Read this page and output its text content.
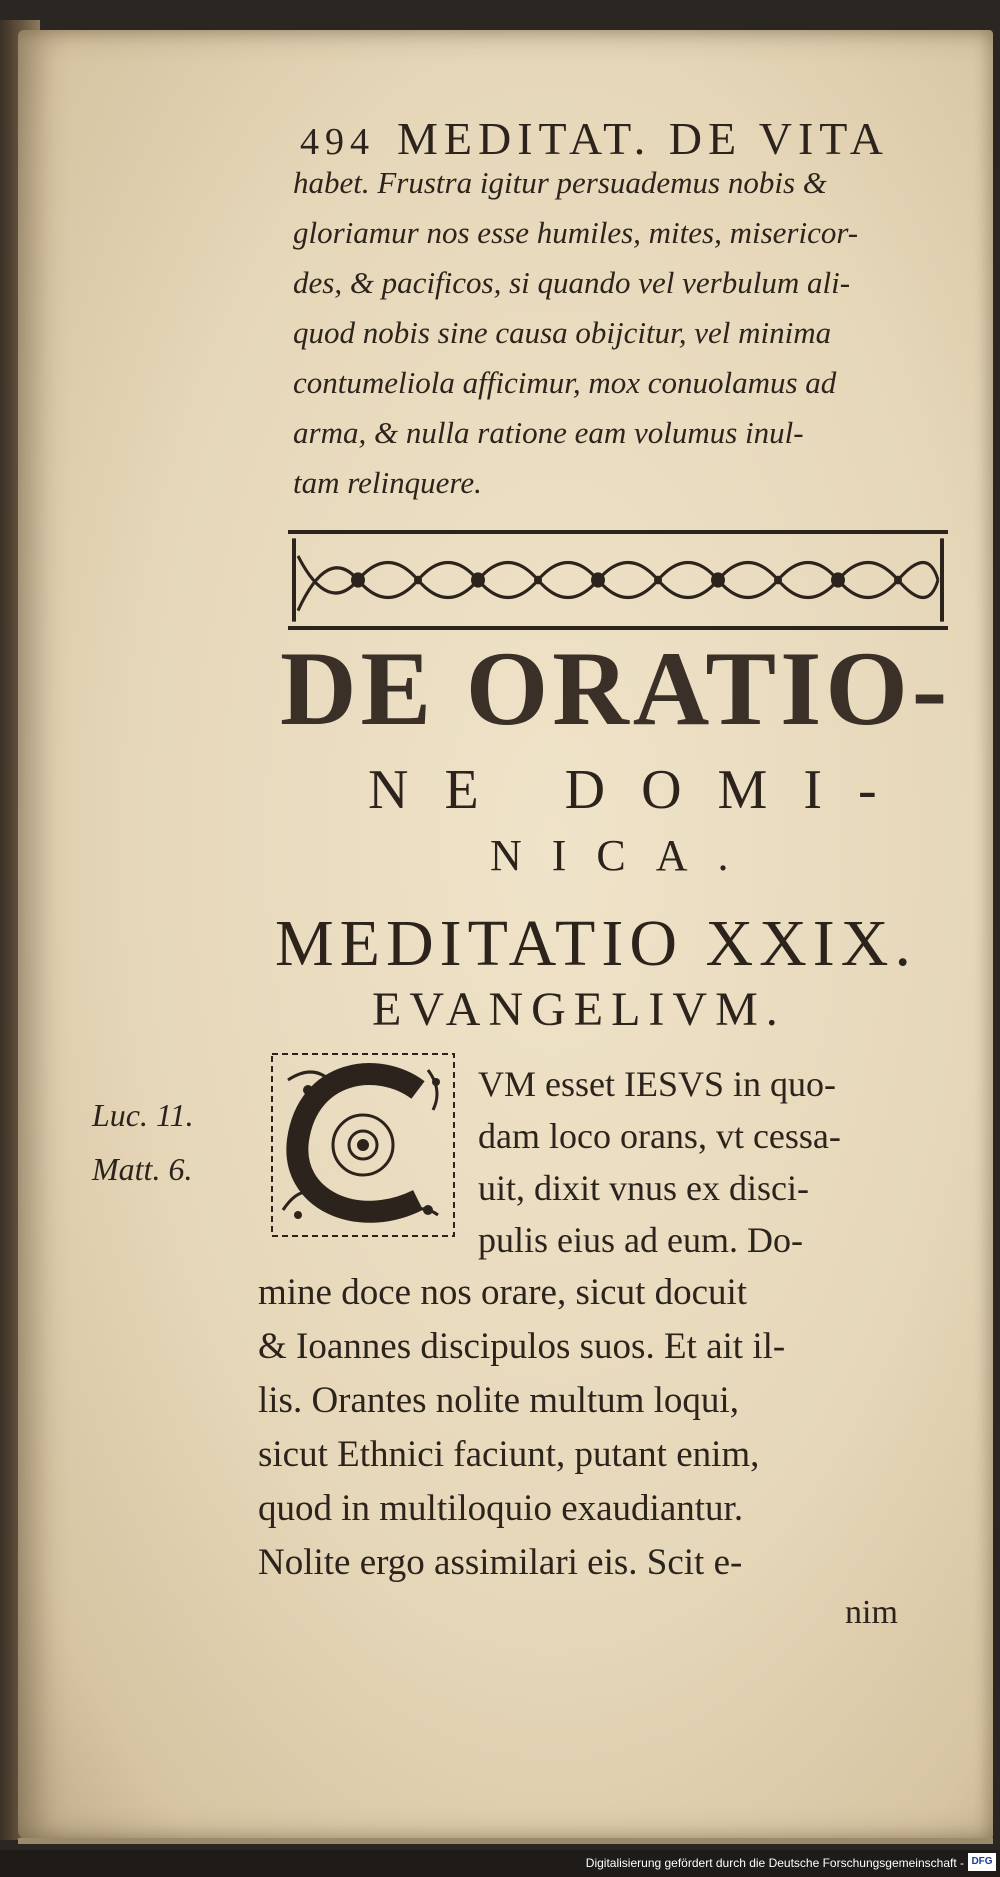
494 MEDITAT. DE VITA
habet. Frustra igitur persuademus nobis &
gloriamur nos esse humiles, mites, misericor-
des, & pacificos, si quando vel verbulum ali-
quod nobis sine causa obijcitur, vel minima
contumeliola afficimur, mox conuolamus ad
arma, & nulla ratione eam volumus inul-
tam relinquere.
DE ORATIO-
NE DOMI-
NICA.
MEDITATIO XXIX.
EVANGELIVM.
Luc. 11.
Matt. 6.
VM esset IESVS in quo-
dam loco orans, vt cessa-
uit, dixit vnus ex disci-
pulis eius ad eum. Do-
mine doce nos orare, sicut docuit
& Ioannes discipulos suos. Et ait il-
lis. Orantes nolite multum loqui,
sicut Ethnici faciunt, putant enim,
quod in multiloquio exaudiantur.
Nolite ergo assimilari eis. Scit e-
nim
Digitalisierung gefördert durch die Deutsche Forschungsgemeinschaft - DFG
